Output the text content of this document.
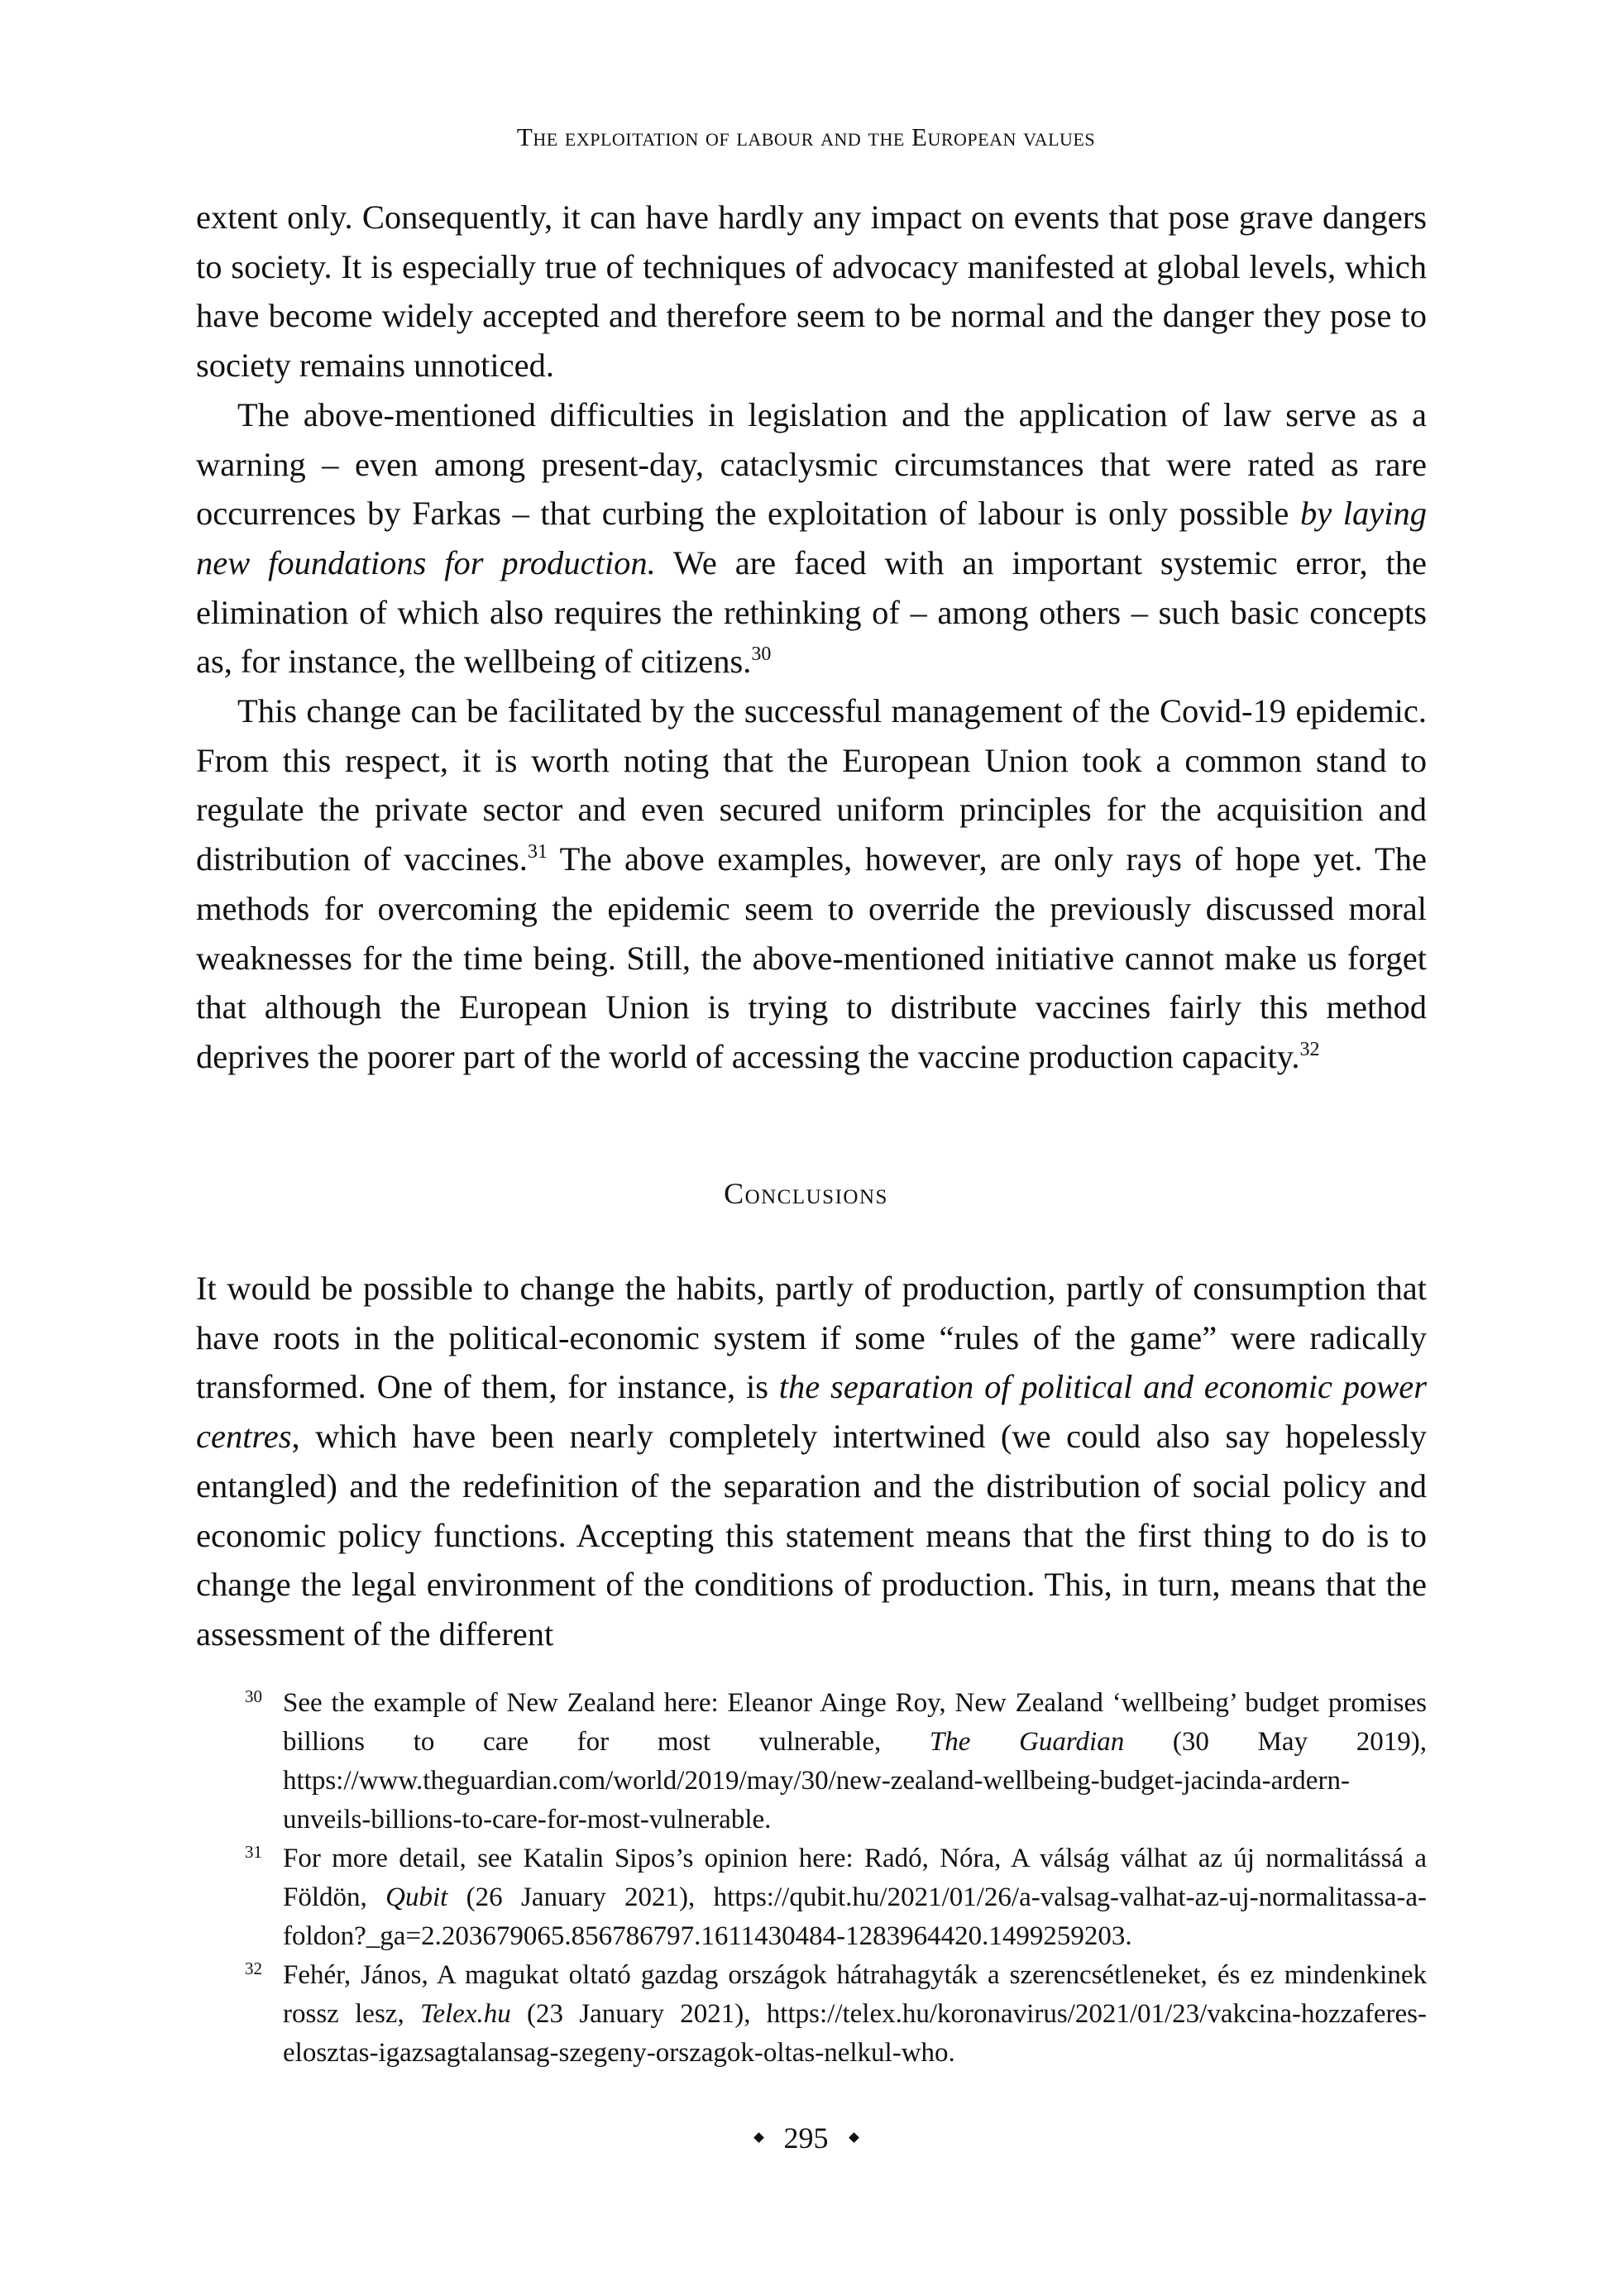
The exploitation of labour and the European values

extent only. Consequently, it can have hardly any impact on events that pose grave dangers to society. It is especially true of techniques of advocacy manifested at global levels, which have become widely accepted and therefore seem to be normal and the danger they pose to society remains unnoticed.

The above-mentioned difficulties in legislation and the application of law serve as a warning – even among present-day, cataclysmic circumstances that were rated as rare occurrences by Farkas – that curbing the exploitation of labour is only possible by laying new foundations for production. We are faced with an important systemic error, the elimination of which also requires the rethinking of – among others – such basic concepts as, for instance, the wellbeing of citizens.$^{30}$

This change can be facilitated by the successful management of the Covid-19 epidemic. From this respect, it is worth noting that the European Union took a common stand to regulate the private sector and even secured uniform principles for the acquisition and distribution of vaccines.$^{31}$ The above examples, however, are only rays of hope yet. The methods for overcoming the epidemic seem to override the previously discussed moral weaknesses for the time being. Still, the above-mentioned initiative cannot make us forget that although the European Union is trying to distribute vaccines fairly this method deprives the poorer part of the world of accessing the vaccine production capacity.$^{32}$

Conclusions

It would be possible to change the habits, partly of production, partly of consumption that have roots in the political-economic system if some “rules of the game” were radically transformed. One of them, for instance, is the separation of political and economic power centres, which have been nearly completely intertwined (we could also say hopelessly entangled) and the redefinition of the separation and the distribution of social policy and economic policy functions. Accepting this statement means that the first thing to do is to change the legal environment of the conditions of production. This, in turn, means that the assessment of the different

30 See the example of New Zealand here: Eleanor Ainge Roy, New Zealand ‘wellbeing’ budget promises billions to care for most vulnerable, The Guardian (30 May 2019), https://www.theguardian.com/world/2019/may/30/new-zealand-wellbeing-budget-jacinda-ardern-unveils-billions-to-care-for-most-vulnerable.
31 For more detail, see Katalin Sipos’s opinion here: Radó, Nóra, A válság válhat az új normalitássá a Földön, Qubit (26 January 2021), https://qubit.hu/2021/01/26/a-valsag-valhat-az-uj-normalitassa-a-foldon?_ga=2.203679065.856786797.1611430484-1283964420.1499259203.
32 Fehér, János, A magukat oltató gazdag országok hátrahagyták a szerencsétleneket, és ez mindenkinek rossz lesz, Telex.hu (23 January 2021), https://telex.hu/koronavirus/2021/01/23/vakcina-hozzaferes-elosztas-igazsagtalansag-szegeny-orszagok-oltas-nelkul-who.
295
